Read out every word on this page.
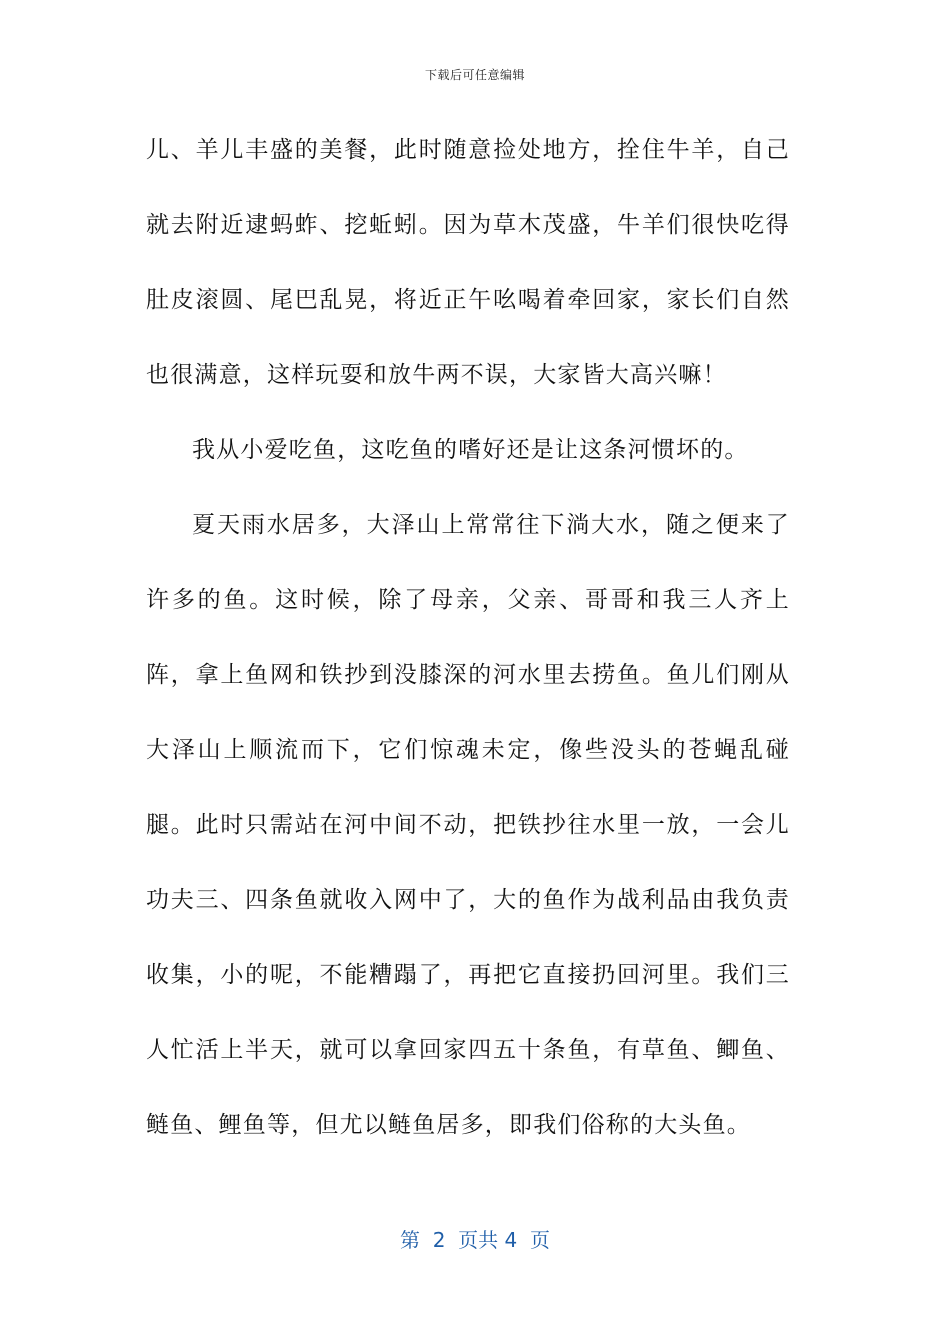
下载后可任意编辑

儿、羊儿丰盛的美餐，此时随意捡处地方，拴住牛羊，自己就去附近逮蚂蚱、挖蚯蚓。因为草木茂盛，牛羊们很快吃得肚皮滚圆、尾巴乱晃，将近正午吆喝着牵回家，家长们自然也很满意，这样玩耍和放牛两不误，大家皆大高兴嘛！

我从小爱吃鱼，这吃鱼的嗜好还是让这条河惯坏的。

夏天雨水居多，大泽山上常常往下淌大水，随之便来了许多的鱼。这时候，除了母亲，父亲、哥哥和我三人齐上阵，拿上鱼网和铁抄到没膝深的河水里去捞鱼。鱼儿们刚从大泽山上顺流而下，它们惊魂未定，像些没头的苍蝇乱碰腿。此时只需站在河中间不动，把铁抄往水里一放，一会儿功夫三、四条鱼就收入网中了，大的鱼作为战利品由我负责收集，小的呢，不能糟蹋了，再把它直接扔回河里。我们三人忙活上半天，就可以拿回家四五十条鱼，有草鱼、鲫鱼、鲢鱼、鲤鱼等，但尤以鲢鱼居多，即我们俗称的大头鱼。

第  2  页共 4  页
